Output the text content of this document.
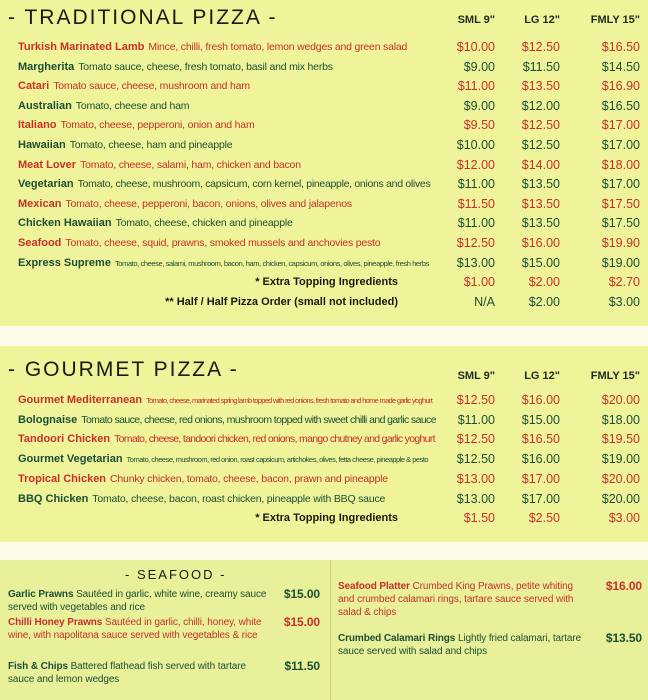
- TRADITIONAL PIZZA -	SML 9"	LG 12"	FMLY 15"
Turkish Marinated Lamb Mince, chilli, fresh tomato, lemon wedges and green salad	$10.00	$12.50	$16.50
Margherita Tomato sauce, cheese, fresh tomato, basil and mix herbs	$9.00	$11.50	$14.50
Catari Tomato sauce, cheese, mushroom and ham	$11.00	$13.50	$16.90
Australian Tomato, cheese and ham	$9.00	$12.00	$16.50
Italiano Tomato, cheese, pepperoni, onion and ham	$9.50	$12.50	$17.00
Hawaiian Tomato, cheese, ham and pineapple	$10.00	$12.50	$17.00
Meat Lover Tomato, cheese, salami, ham, chicken and bacon	$12.00	$14.00	$18.00
Vegetarian Tomato, cheese, mushroom, capsicum, corn kernel, pineapple, onions and olives	$11.00	$13.50	$17.00
Mexican Tomato, cheese, pepperoni, bacon, onions, olives and jalapenos	$11.50	$13.50	$17.50
Chicken Hawaiian Tomato, cheese, chicken and pineapple	$11.00	$13.50	$17.50
Seafood Tomato, cheese, squid, prawns, smoked mussels and anchovies pesto	$12.50	$16.00	$19.90
Express Supreme Tomato, cheese, salami, mushroom, bacon, ham, chicken, capsicum, onions, olives, pineapple, fresh herbs	$13.00	$15.00	$19.00
* Extra Topping Ingredients	$1.00	$2.00	$2.70
** Half / Half Pizza Order (small not included)	N/A	$2.00	$3.00
- GOURMET PIZZA -	SML 9"	LG 12"	FMLY 15"
Gourmet Mediterranean Tomato, cheese, marinated spring lamb topped with red onions, fresh tomato and home made garlic yoghurt	$12.50	$16.00	$20.00
Bolognaise Tomato sauce, cheese, red onions, mushroom topped with sweet chilli and garlic sauce	$11.00	$15.00	$18.00
Tandoori Chicken Tomato, cheese, tandoori chicken, red onions, mango chutney and garlic yoghurt	$12.50	$16.50	$19.50
Gourmet Vegetarian Tomato, cheese, mushroom, red onion, roast capsicum, artichokes, olives, fetta cheese, pineapple & pesto	$12.50	$16.00	$19.00
Tropical Chicken Chunky chicken, tomato, cheese, bacon, prawn and pineapple	$13.00	$17.00	$20.00
BBQ Chicken Tomato, cheese, bacon, roast chicken, pineapple with BBQ sauce	$13.00	$17.00	$20.00
* Extra Topping Ingredients	$1.50	$2.50	$3.00
- SEAFOOD -
Garlic Prawns Sautéed in garlic, white wine, creamy sauce served with vegetables and rice
$15.00
Chilli Honey Prawns Sautéed in garlic, chilli, honey, white wine, with napolitana sauce served with vegetables & rice
$15.00
Fish & Chips Battered flathead fish served with tartare sauce and lemon wedges
$11.50
Seafood Platter Crumbed King Prawns, petite whiting and crumbed calamari rings, tartare sauce served with salad & chips
$16.00
Crumbed Calamari Rings Lightly fried calamari, tartare sauce served with salad and chips
$13.50
